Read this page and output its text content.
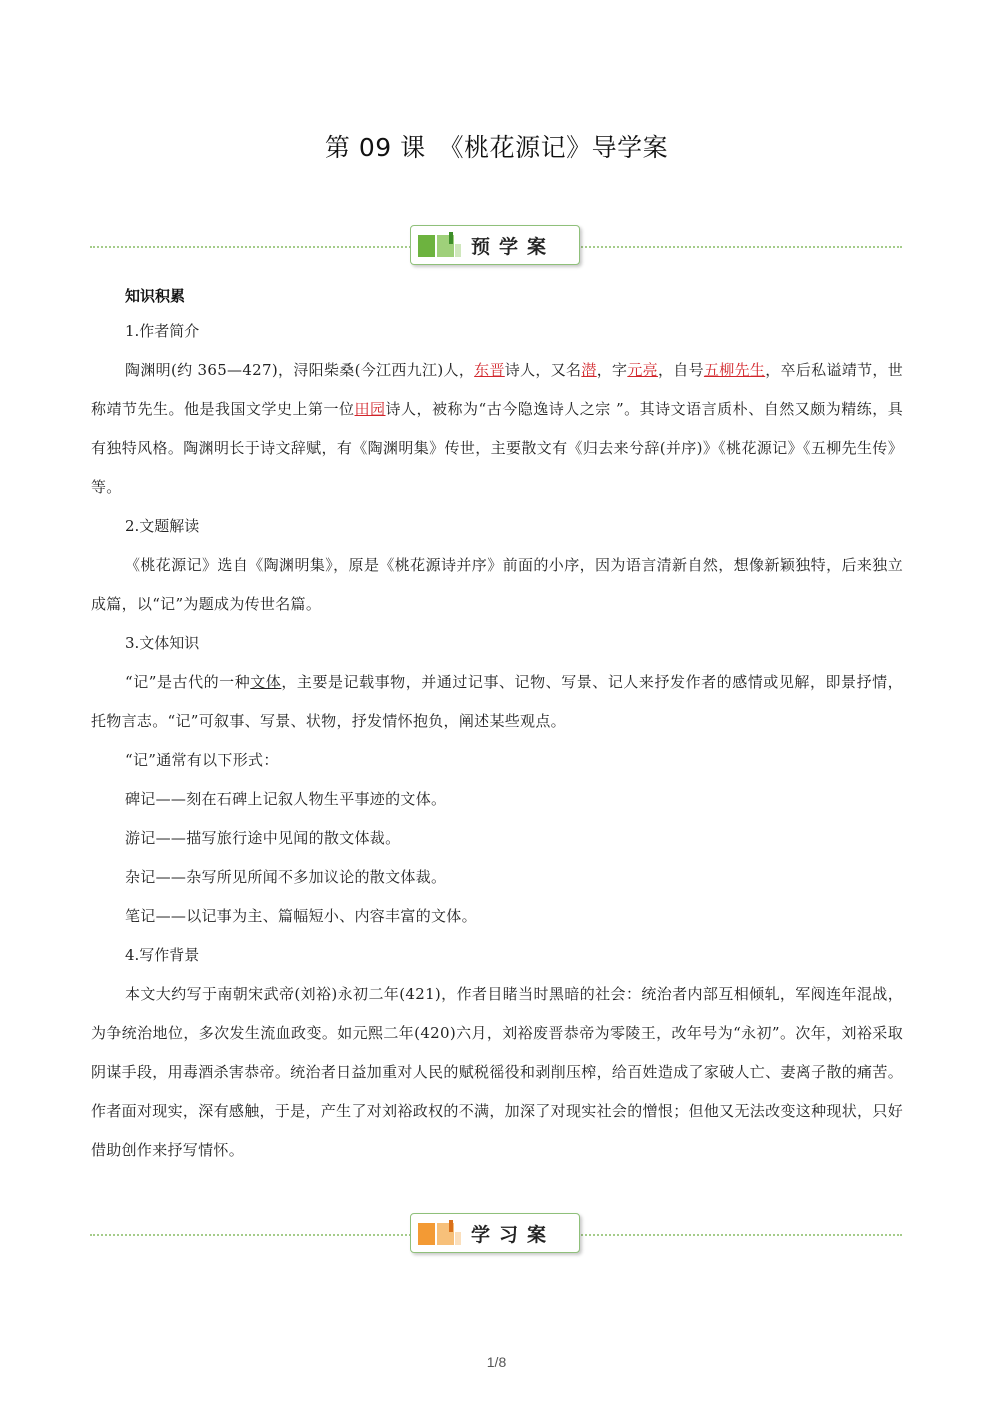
第 09 课　《桃花源记》导学案
预学案
知识积累
1.作者简介

陶渊明(约 365—427)，浔阳柴桑(今江西九江)人，东晋诗人，又名潜，字元亮，自号五柳先生，卒后私谥靖节，世称靖节先生。他是我国文学史上第一位田园诗人，被称为“古今隐逸诗人之宗 ”。其诗文语言质朴、自然又颇为精练，具有独特风格。陶渊明长于诗文辞赋，有《陶渊明集》传世，主要散文有《归去来兮辞(并序)》《桃花源记》《五柳先生传》等。

2.文题解读

《桃花源记》选自《陶渊明集》，原是《桃花源诗并序》前面的小序，因为语言清新自然，想像新颖独特，后来独立成篇，以“记”为题成为传世名篇。

3.文体知识

“记”是古代的一种文体，主要是记载事物，并通过记事、记物、写景、记人来抒发作者的感情或见解，即景抒情，托物言志。“记”可叙事、写景、状物，抒发情怀抱负，阐述某些观点。

“记”通常有以下形式：

碑记——刻在石碑上记叙人物生平事迹的文体。

游记——描写旅行途中见闻的散文体裁。

杂记——杂写所见所闻不多加议论的散文体裁。

笔记——以记事为主、篇幅短小、内容丰富的文体。

4.写作背景

本文大约写于南朝宋武帝(刘裕)永初二年(421)，作者目睹当时黑暗的社会：统治者内部互相倾轧，军阀连年混战，为争统治地位，多次发生流血政变。如元熙二年(420)六月，刘裕废晋恭帝为零陵王，改年号为“永初”。次年，刘裕采取阴谋手段，用毒酒杀害恭帝。统治者日益加重对人民的赋税徭役和剥削压榨，给百姓造成了家破人亡、妻离子散的痛苦。作者面对现实，深有感触，于是，产生了对刘裕政权的不满，加深了对现实社会的憎恨；但他又无法改变这种现状，只好借助创作来抒写情怀。

学习案
1/8
